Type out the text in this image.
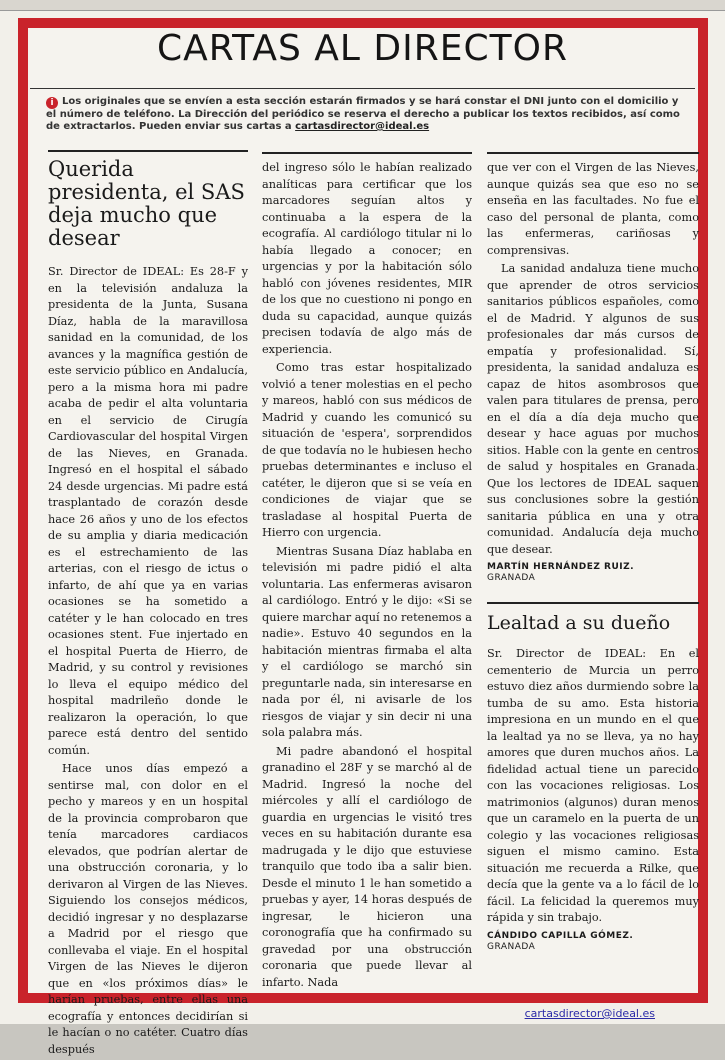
CARTAS AL DIRECTOR
i Los originales que se envíen a esta sección estarán firmados y se hará constar el DNI junto con el domicilio y el número de teléfono. La Dirección del periódico se reserva el derecho a publicar los textos recibidos, así como de extractarlos. Pueden enviar sus cartas a cartasdirector@ideal.es
Querida presidenta, el SAS deja mucho que desear

Sr. Director de IDEAL: Es 28-F y en la televisión andaluza la presidenta de la Junta, Susana Díaz, habla de la maravillosa sanidad en la comunidad, de los avances y la magnífica gestión de este servicio público en Andalucía, pero a la misma hora mi padre acaba de pedir el alta voluntaria en el servicio de Cirugía Cardiovascular del hospital Virgen de las Nieves, en Granada. Ingresó en el hospital el sábado 24 desde urgencias. Mi padre está trasplantado de corazón desde hace 26 años y uno de los efectos de su amplia y diaria medicación es el estrechamiento de las arterias, con el riesgo de ictus o infarto, de ahí que ya en varias ocasiones se ha sometido a catéter y le han colocado en tres ocasiones stent. Fue injertado en el hospital Puerta de Hierro, de Madrid, y su control y revisiones lo lleva el equipo médico del hospital madrileño donde le realizaron la operación, lo que parece está dentro del sentido común.

Hace unos días empezó a sentirse mal, con dolor en el pecho y mareos y en un hospital de la provincia comprobaron que tenía marcadores cardiacos elevados, que podrían alertar de una obstrucción coronaria, y lo derivaron al Virgen de las Nieves. Siguiendo los consejos médicos, decidió ingresar y no desplazarse a Madrid por el riesgo que conllevaba el viaje. En el hospital Virgen de las Nieves le dijeron que en «los próximos días» le harían pruebas, entre ellas una ecografía y entonces decidirían si le hacían o no catéter. Cuatro días después

del ingreso sólo le habían realizado analíticas para certificar que los marcadores seguían altos y continuaba a la espera de la ecografía. Al cardiólogo titular ni lo había llegado a conocer; en urgencias y por la habitación sólo habló con jóvenes residentes, MIR de los que no cuestiono ni pongo en duda su capacidad, aunque quizás precisen todavía de algo más de experiencia.

Como tras estar hospitalizado volvió a tener molestias en el pecho y mareos, habló con sus médicos de Madrid y cuando les comunicó su situación de 'espera', sorprendidos de que todavía no le hubiesen hecho pruebas determinantes e incluso el catéter, le dijeron que si se veía en condiciones de viajar que se trasladase al hospital Puerta de Hierro con urgencia.

Mientras Susana Díaz hablaba en televisión mi padre pidió el alta voluntaria. Las enfermeras avisaron al cardiólogo. Entró y le dijo: «Si se quiere marchar aquí no retenemos a nadie». Estuvo 40 segundos en la habitación mientras firmaba el alta y el cardiólogo se marchó sin preguntarle nada, sin interesarse en nada por él, ni avisarle de los riesgos de viajar y sin decir ni una sola palabra más.

Mi padre abandonó el hospital granadino el 28F y se marchó al de Madrid. Ingresó la noche del miércoles y allí el cardiólogo de guardia en urgencias le visitó tres veces en su habitación durante esa madrugada y le dijo que estuviese tranquilo que todo iba a salir bien. Desde el minuto 1 le han sometido a pruebas y ayer, 14 horas después de ingresar, le hicieron una coronografía que ha confirmado su gravedad por una obstrucción coronaria que puede llevar al infarto. Nada

que ver con el Virgen de las Nieves, aunque quizás sea que eso no se enseña en las facultades. No fue el caso del personal de planta, como las enfermeras, cariñosas y comprensivas.

La sanidad andaluza tiene mucho que aprender de otros servicios sanitarios públicos españoles, como el de Madrid. Y algunos de sus profesionales dar más cursos de empatía y profesionalidad. Sí, presidenta, la sanidad andaluza es capaz de hitos asombrosos que valen para titulares de prensa, pero en el día a día deja mucho que desear y hace aguas por muchos sitios. Hable con la gente en centros de salud y hospitales en Granada. Que los lectores de IDEAL saquen sus conclusiones sobre la gestión sanitaria pública en una y otra comunidad. Andalucía deja mucho que desear.

MARTÍN HERNÁNDEZ RUIZ.
GRANADA
Lealtad a su dueño

Sr. Director de IDEAL: En el cementerio de Murcia un perro estuvo diez años durmiendo sobre la tumba de su amo. Esta historia impresiona en un mundo en el que la lealtad ya no se lleva, ya no hay amores que duren muchos años. La fidelidad actual tiene un parecido con las vocaciones religiosas. Los matrimonios (algunos) duran menos que un caramelo en la puerta de un colegio y las vocaciones religiosas siguen el mismo camino. Esta situación me recuerda a Rilke, que decía que la gente va a lo fácil de lo fácil. La felicidad la queremos muy rápida y sin trabajo.

CÁNDIDO CAPILLA GÓMEZ.
GRANADA
cartasdirector@ideal.es
